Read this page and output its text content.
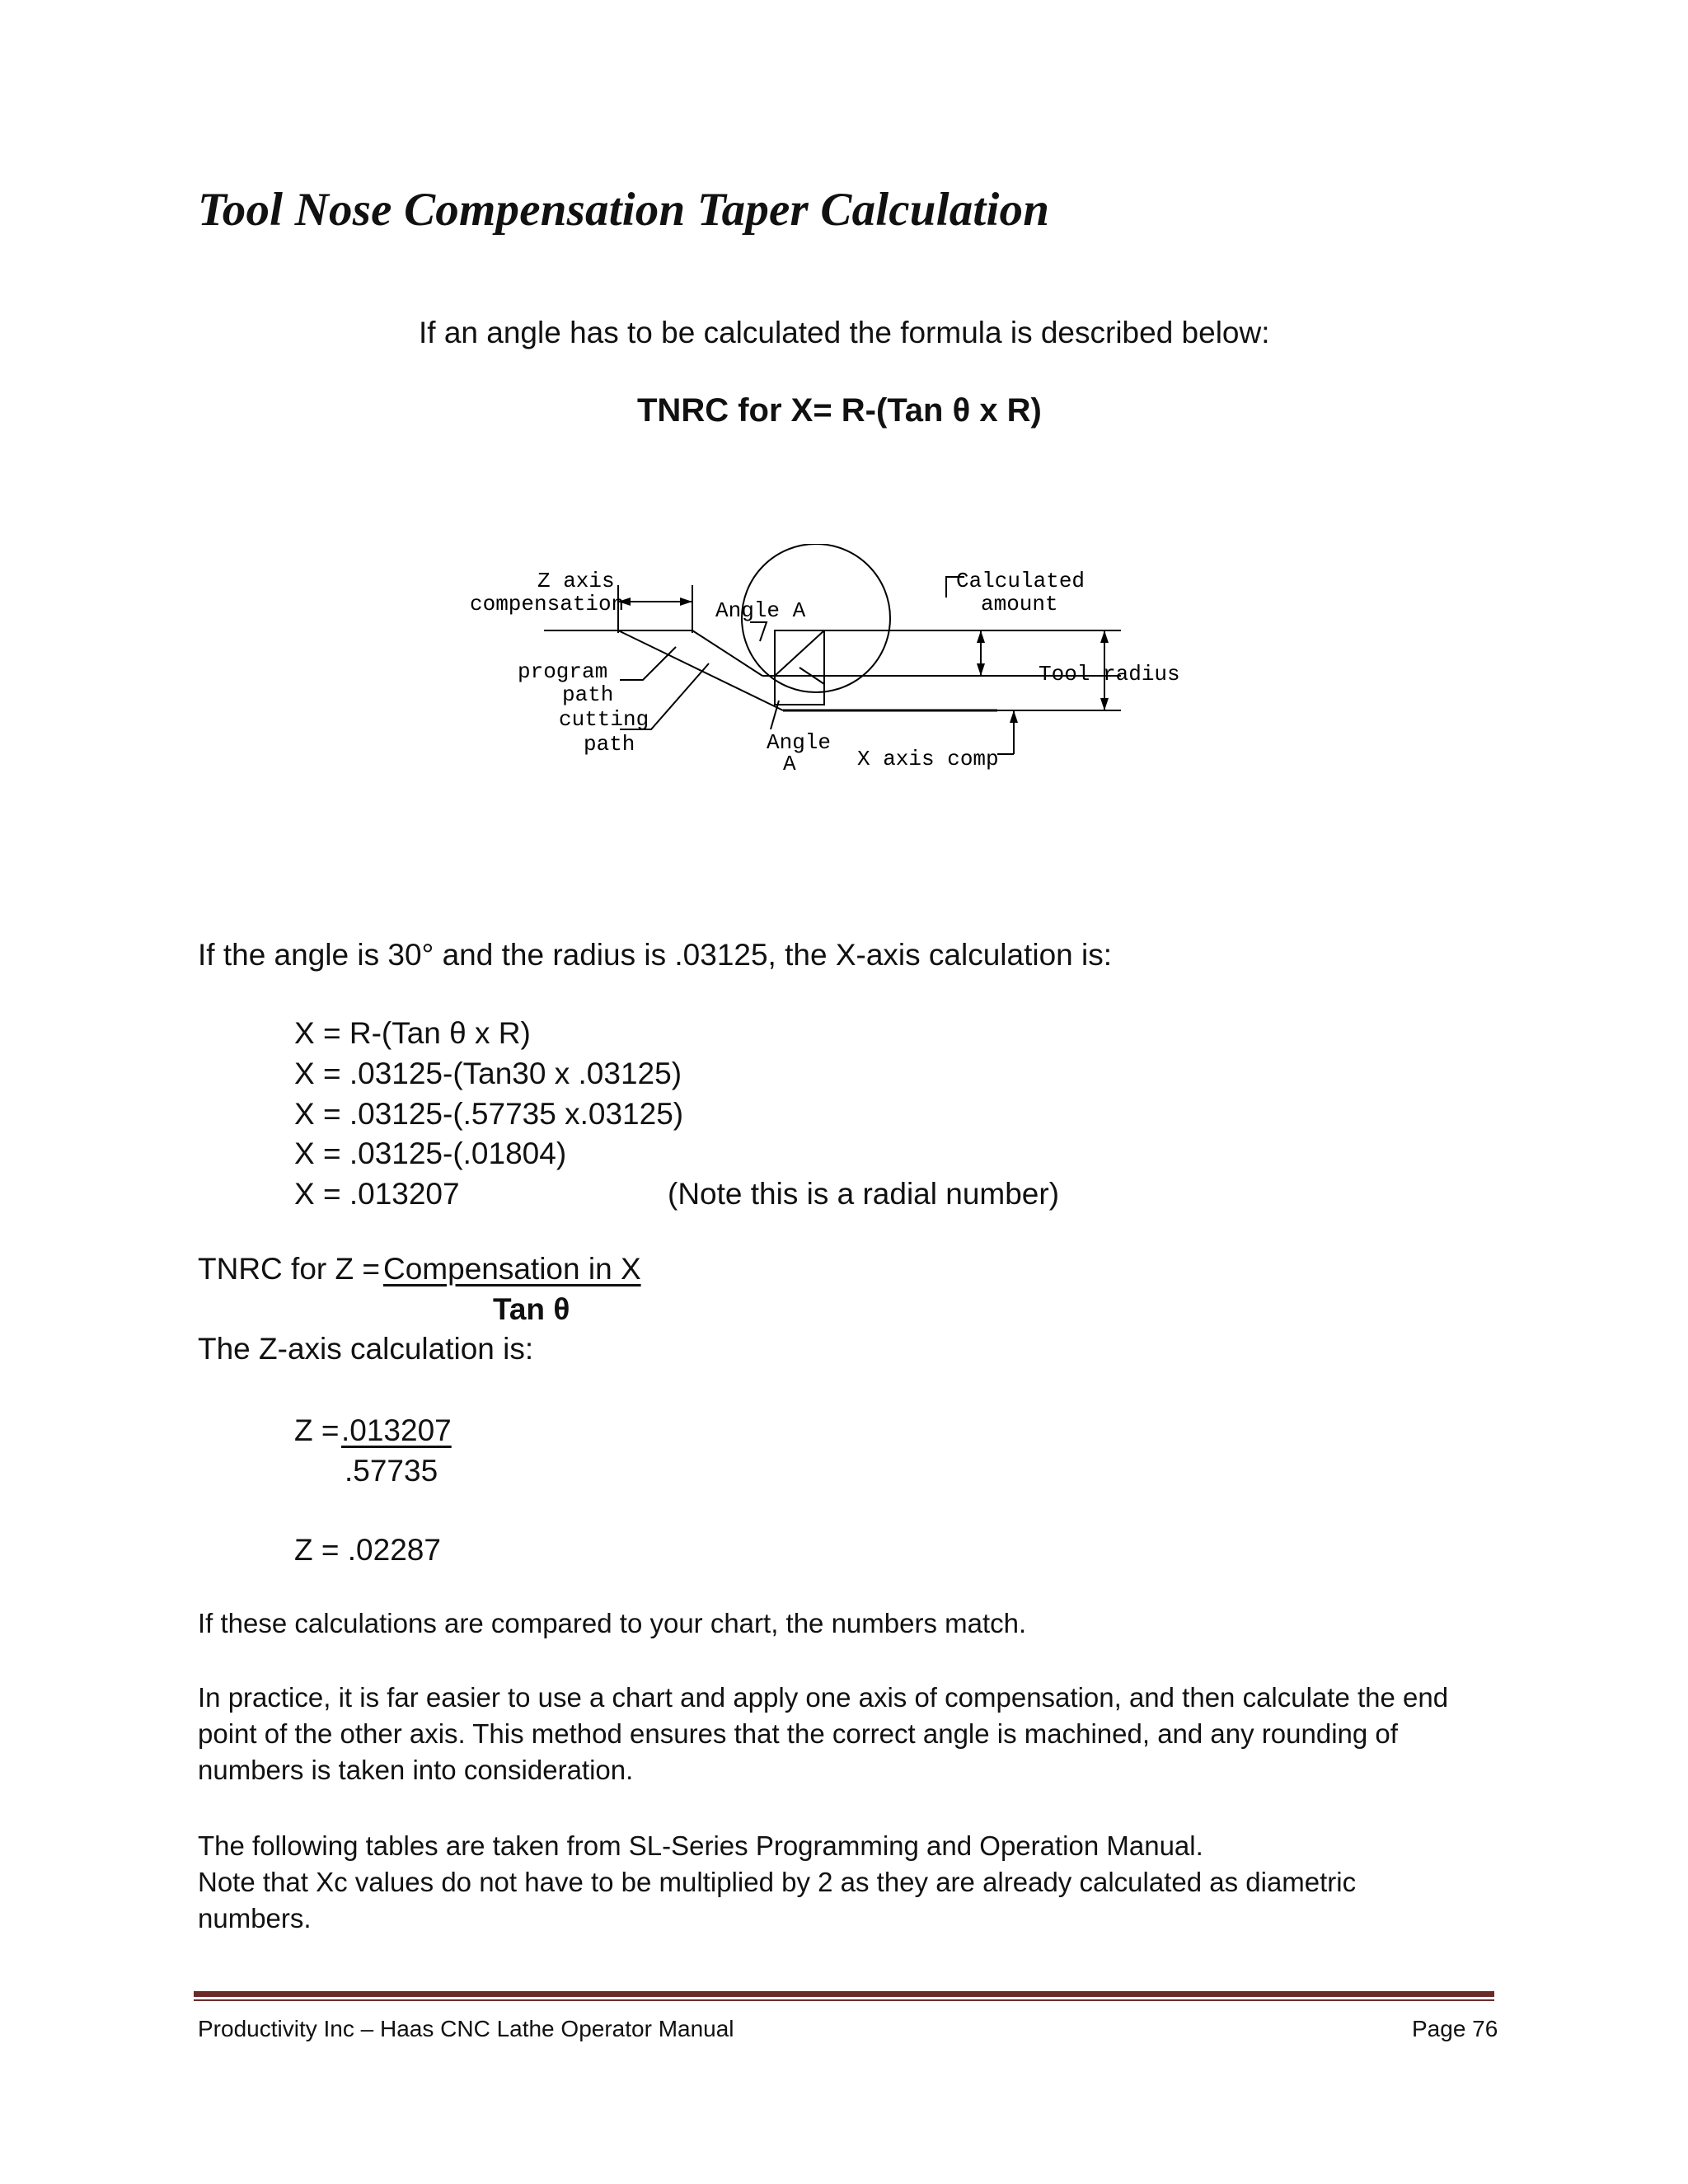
Tool Nose Compensation Taper Calculation
If an angle has to be calculated the formula is described below:
TNRC for X= R-(Tan θ x R)
Z axis
compensation	Angle A
Calculated
amount
program
path
Tool radius
cutting
path	Angle
A	X axis comp
If the angle is 30° and the radius is .03125, the X-axis calculation is:
X = R-(Tan θ x R)
X = .03125-(Tan30 x .03125)
X = .03125-(.57735 x.03125)
X = .03125-(.01804)
X = .013207	(Note this is a radial number)
TNRC for Z = Compensation in X
Tan θ
The Z-axis calculation is:
Z = .013207
.57735
Z = .02287
If these calculations are compared to your chart, the numbers match.
In practice, it is far easier to use a chart and apply one axis of compensation, and then calculate the end
point of the other axis. This method ensures that the correct angle is machined, and any rounding of
numbers is taken into consideration.
The following tables are taken from SL-Series Programming and Operation Manual.
Note that Xc values do not have to be multiplied by 2 as they are already calculated as diametric
numbers.
Productivity Inc – Haas CNC Lathe Operator Manual	Page 76
